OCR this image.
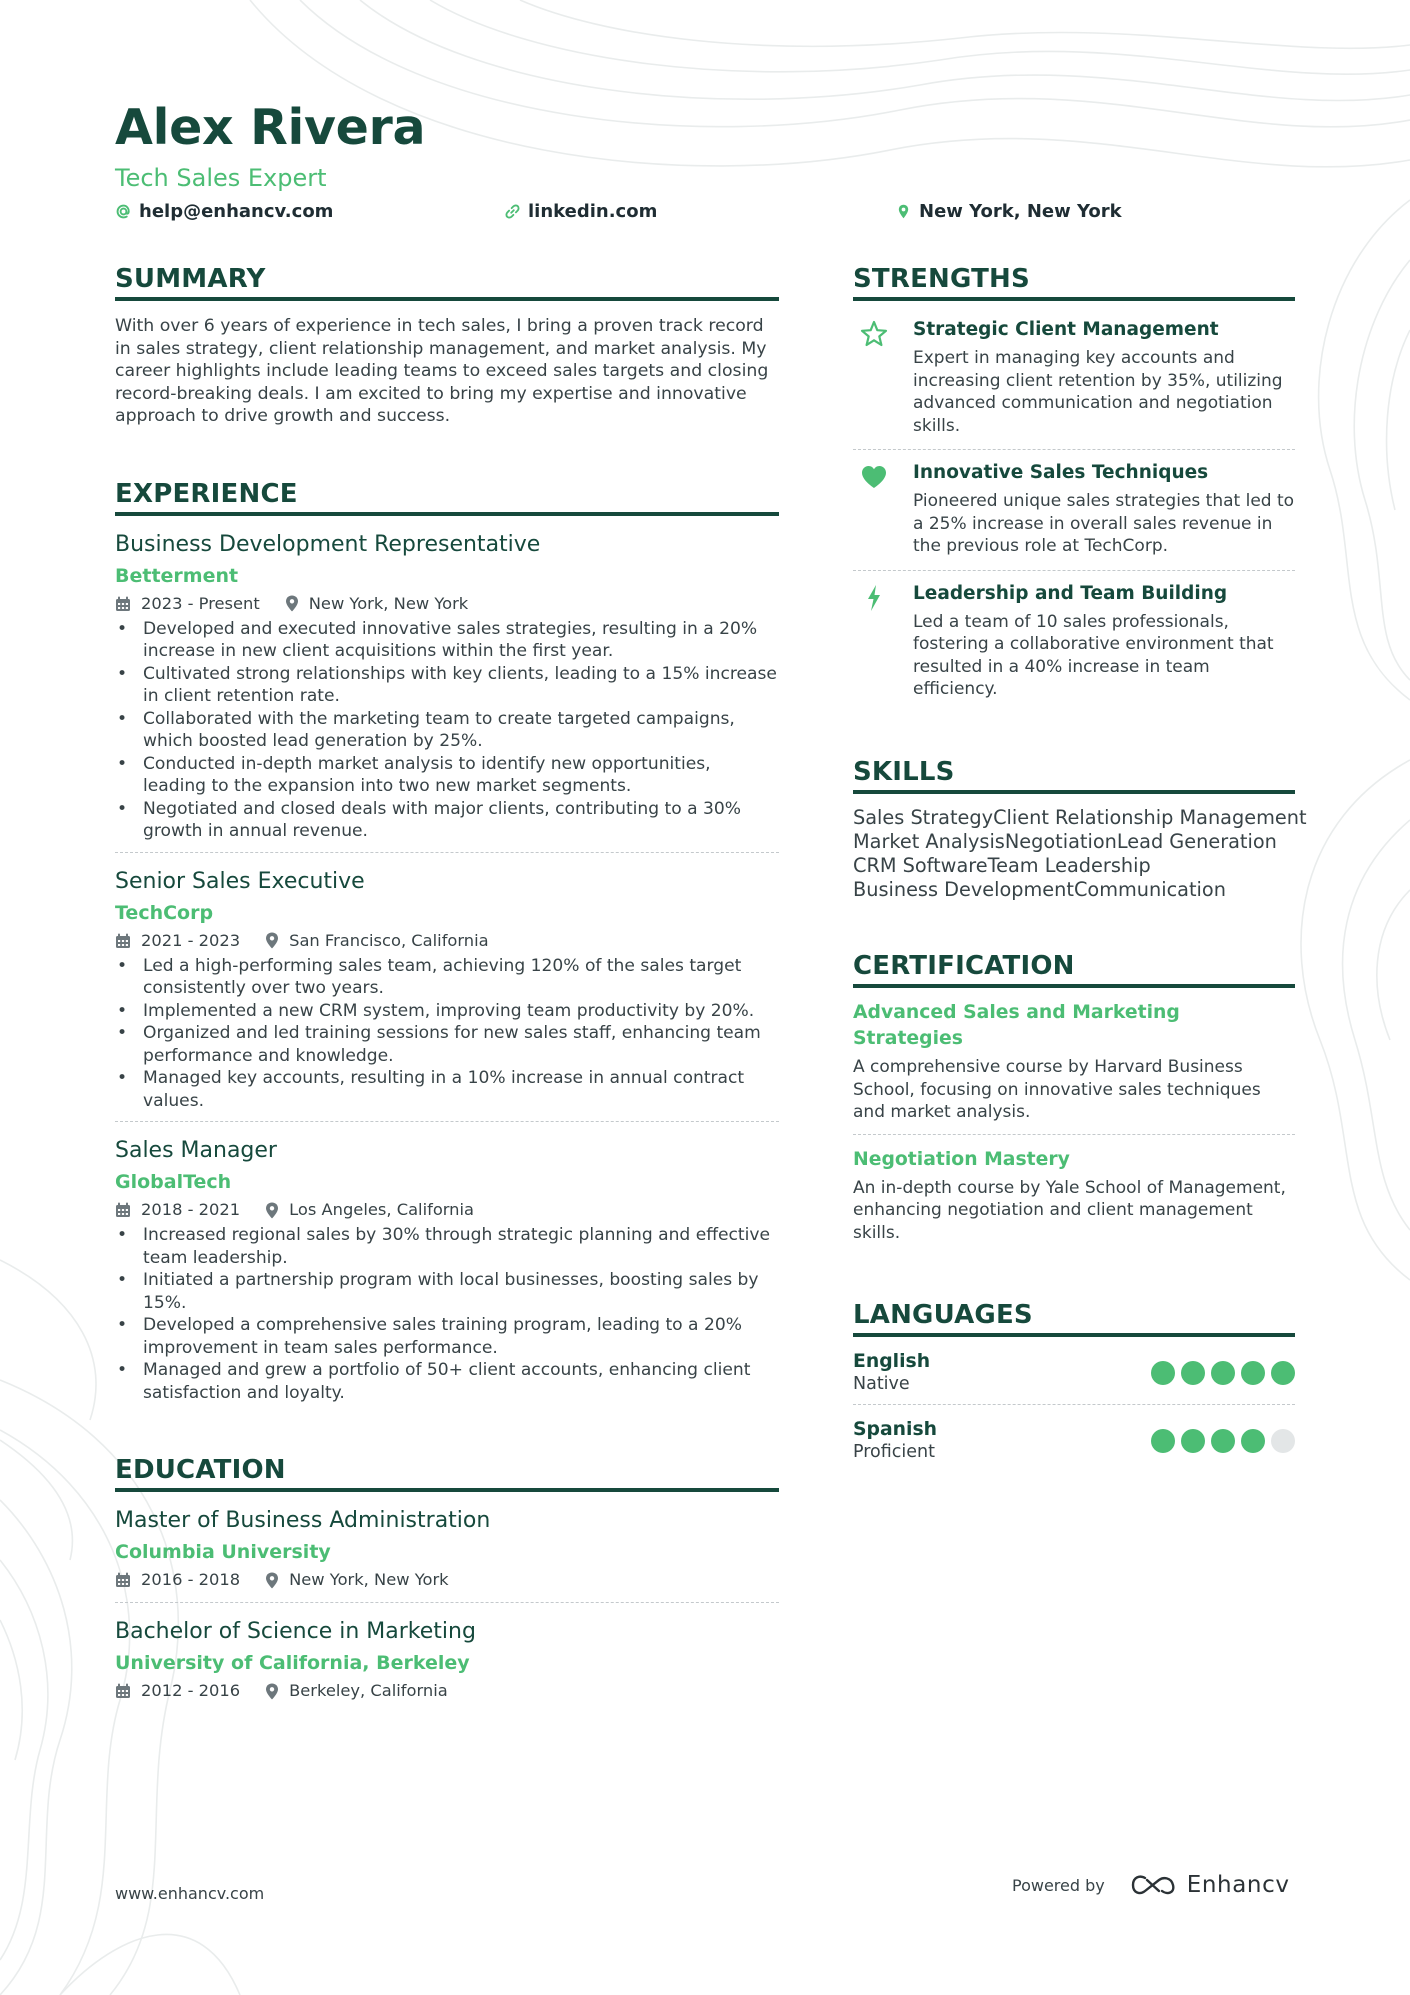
Alex Rivera
Tech Sales Expert
help@enhancv.com	linkedin.com	New York, New York
SUMMARY

With over 6 years of experience in tech sales, I bring a proven track record in sales strategy, client relationship management, and market analysis. My career highlights include leading teams to exceed sales targets and closing record-breaking deals. I am excited to bring my expertise and innovative approach to drive growth and success.

EXPERIENCE
Business Development Representative
Betterment
2023 - Present	New York, New York
• Developed and executed innovative sales strategies, resulting in a 20% increase in new client acquisitions within the first year.
• Cultivated strong relationships with key clients, leading to a 15% increase in client retention rate.
• Collaborated with the marketing team to create targeted campaigns, which boosted lead generation by 25%.
• Conducted in-depth market analysis to identify new opportunities, leading to the expansion into two new market segments.
• Negotiated and closed deals with major clients, contributing to a 30% growth in annual revenue.
Senior Sales Executive
TechCorp
2021 - 2023	San Francisco, California
• Led a high-performing sales team, achieving 120% of the sales target consistently over two years.
• Implemented a new CRM system, improving team productivity by 20%.
• Organized and led training sessions for new sales staff, enhancing team performance and knowledge.
• Managed key accounts, resulting in a 10% increase in annual contract values.
Sales Manager
GlobalTech
2018 - 2021	Los Angeles, California
• Increased regional sales by 30% through strategic planning and effective team leadership.
• Initiated a partnership program with local businesses, boosting sales by 15%.
• Developed a comprehensive sales training program, leading to a 20% improvement in team sales performance.
• Managed and grew a portfolio of 50+ client accounts, enhancing client satisfaction and loyalty.
EDUCATION
Master of Business Administration
Columbia University
2016 - 2018	New York, New York
Bachelor of Science in Marketing
University of California, Berkeley
2012 - 2016	Berkeley, California
STRENGTHS
Strategic Client Management
Expert in managing key accounts and increasing client retention by 35%, utilizing advanced communication and negotiation skills.
Innovative Sales Techniques
Pioneered unique sales strategies that led to a 25% increase in overall sales revenue in the previous role at TechCorp.
Leadership and Team Building
Led a team of 10 sales professionals, fostering a collaborative environment that resulted in a 40% increase in team efficiency.
SKILLS
Sales StrategyClient Relationship Management
Market AnalysisNegotiationLead Generation
CRM SoftwareTeam Leadership
Business DevelopmentCommunication
CERTIFICATION
Advanced Sales and Marketing Strategies
A comprehensive course by Harvard Business School, focusing on innovative sales techniques and market analysis.
Negotiation Mastery
An in-depth course by Yale School of Management, enhancing negotiation and client management skills.
LANGUAGES
English
Native
Spanish
Proficient
www.enhancv.com	Powered by	Enhancv
